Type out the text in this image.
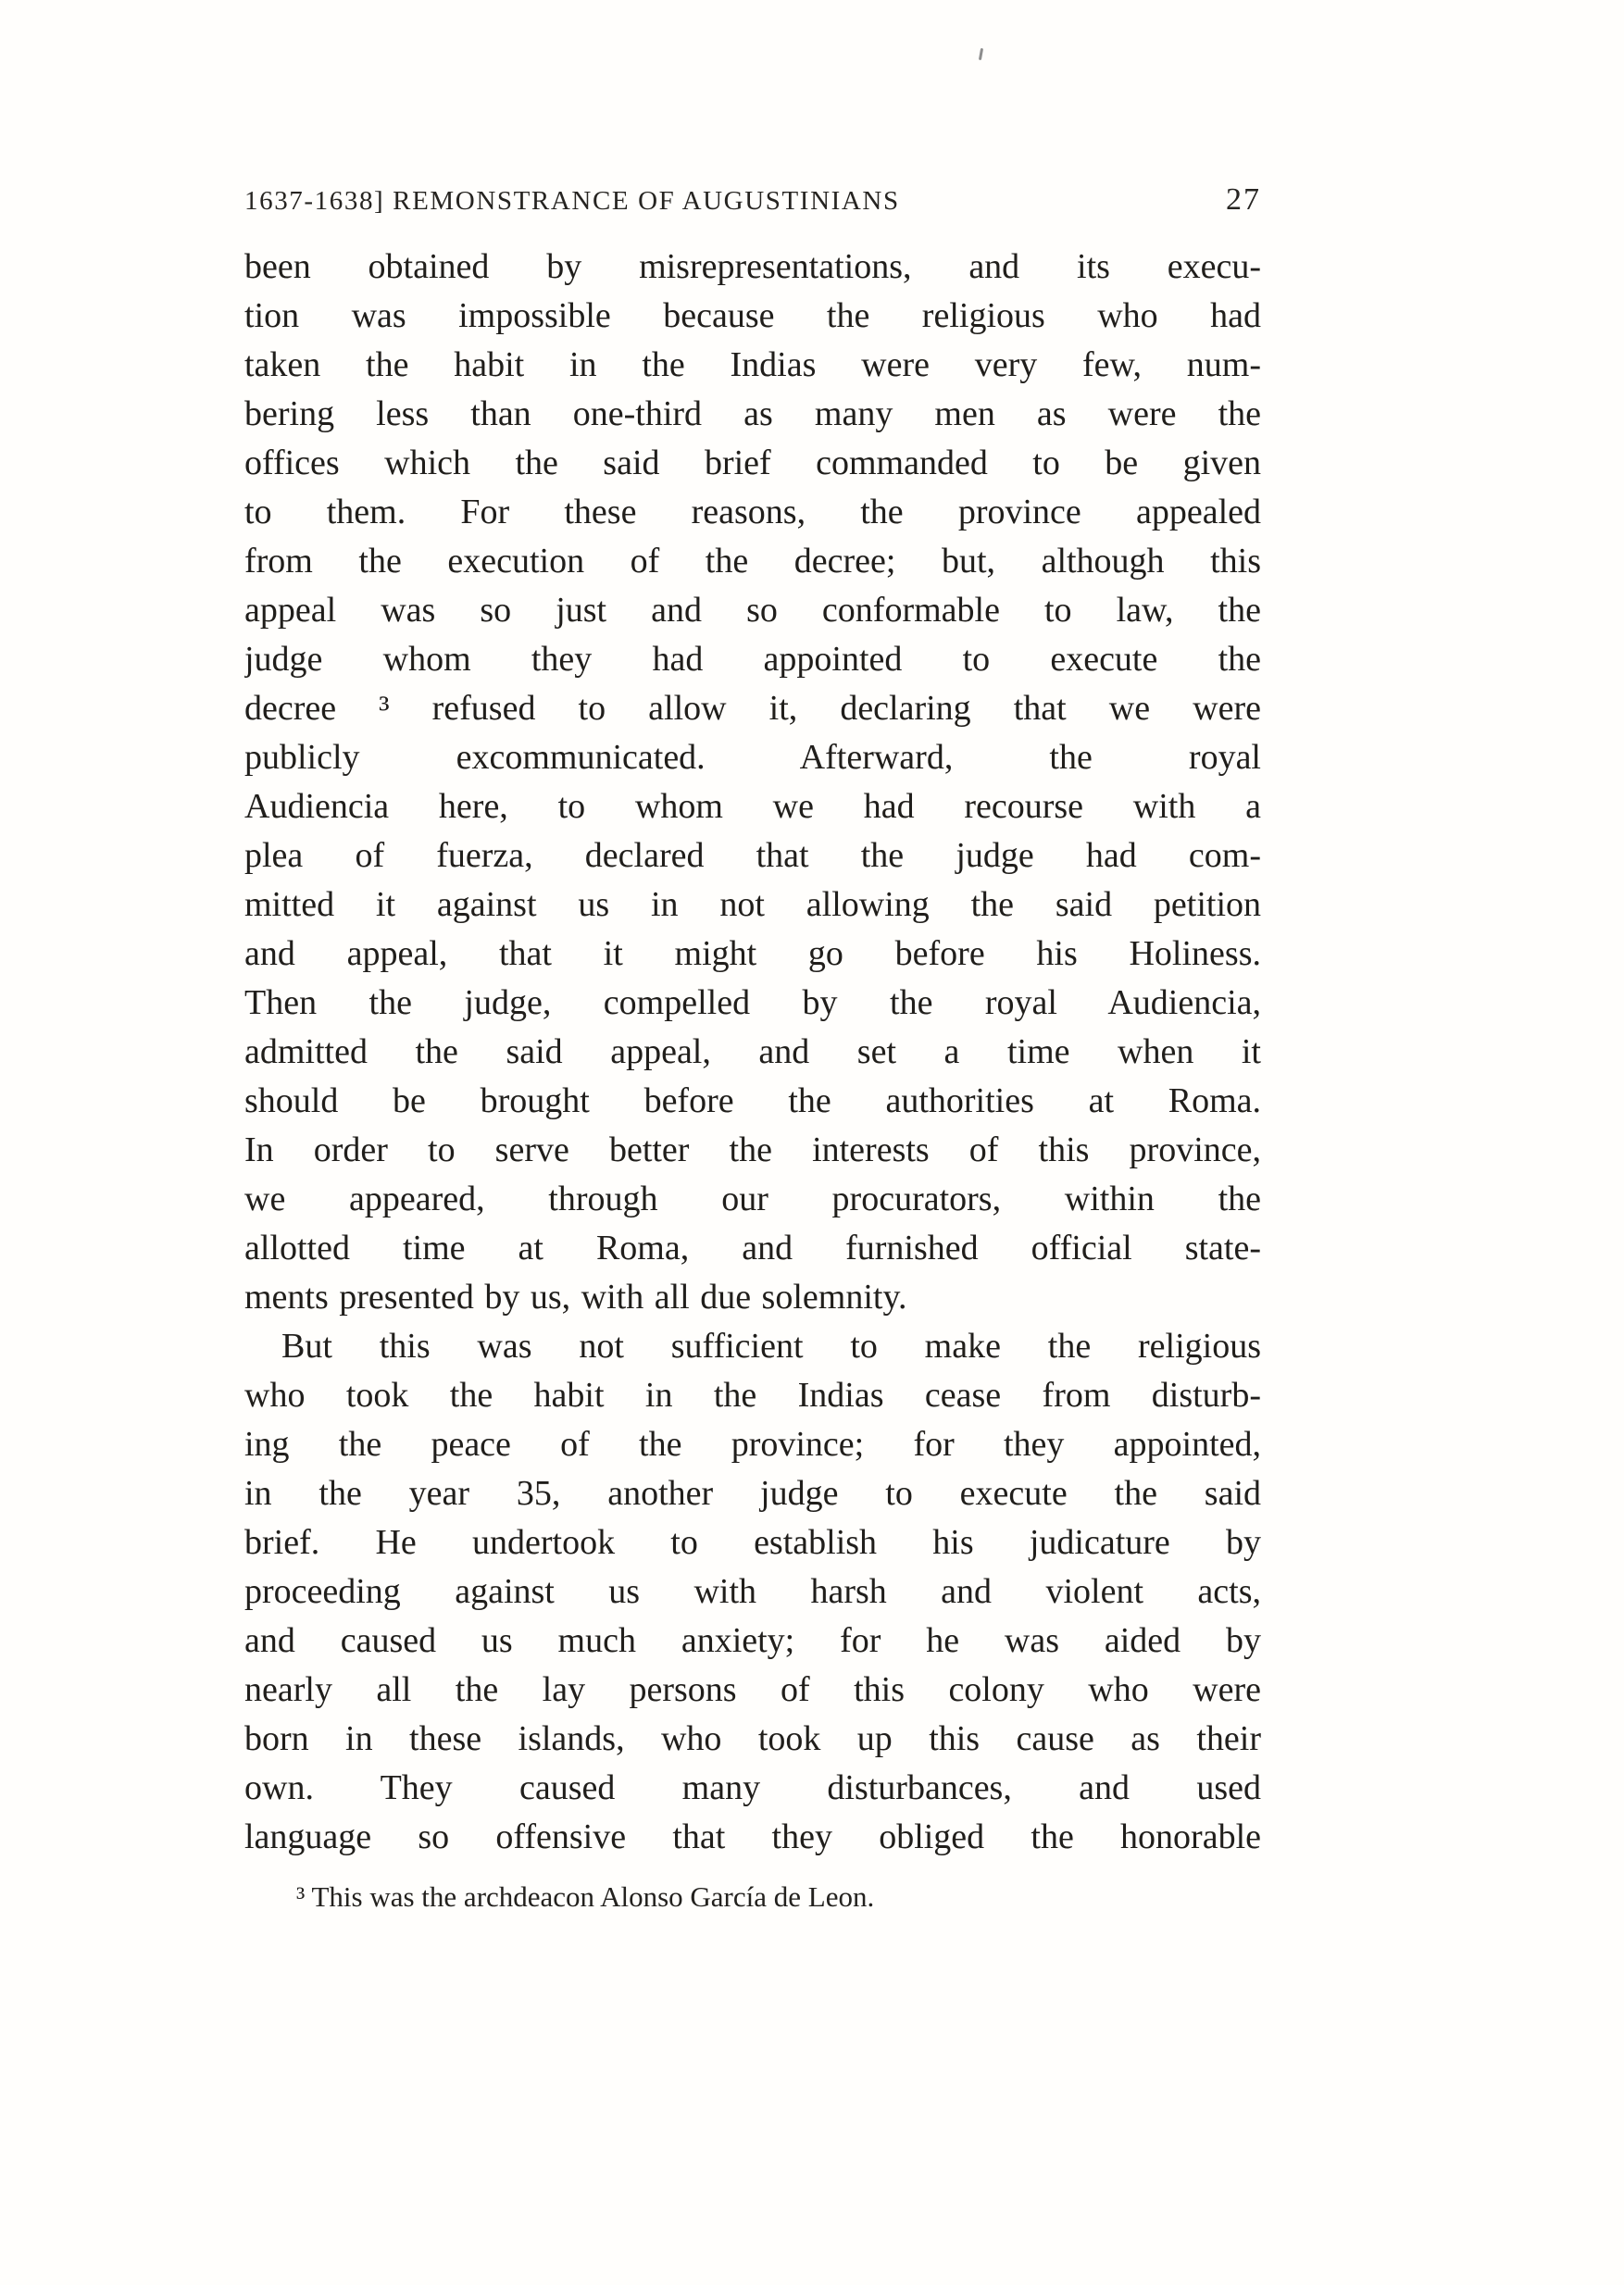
1637-1638] REMONSTRANCE OF AUGUSTINIANS	27
been obtained by misrepresentations, and its execu-
tion was impossible because the religious who had
taken the habit in the Indias were very few, num-
bering less than one-third as many men as were the
offices which the said brief commanded to be given
to them. For these reasons, the province appealed
from the execution of the decree; but, although this
appeal was so just and so conformable to law, the
judge whom they had appointed to execute the
decree ³ refused to allow it, declaring that we were
publicly excommunicated. Afterward, the royal
Audiencia here, to whom we had recourse with a
plea of fuerza, declared that the judge had com-
mitted it against us in not allowing the said petition
and appeal, that it might go before his Holiness.
Then the judge, compelled by the royal Audiencia,
admitted the said appeal, and set a time when it
should be brought before the authorities at Roma.
In order to serve better the interests of this province,
we appeared, through our procurators, within the
allotted time at Roma, and furnished official state-
ments presented by us, with all due solemnity.
But this was not sufficient to make the religious
who took the habit in the Indias cease from disturb-
ing the peace of the province; for they appointed,
in the year 35, another judge to execute the said
brief. He undertook to establish his judicature by
proceeding against us with harsh and violent acts,
and caused us much anxiety; for he was aided by
nearly all the lay persons of this colony who were
born in these islands, who took up this cause as their
own. They caused many disturbances, and used
language so offensive that they obliged the honorable
³ This was the archdeacon Alonso García de Leon.
